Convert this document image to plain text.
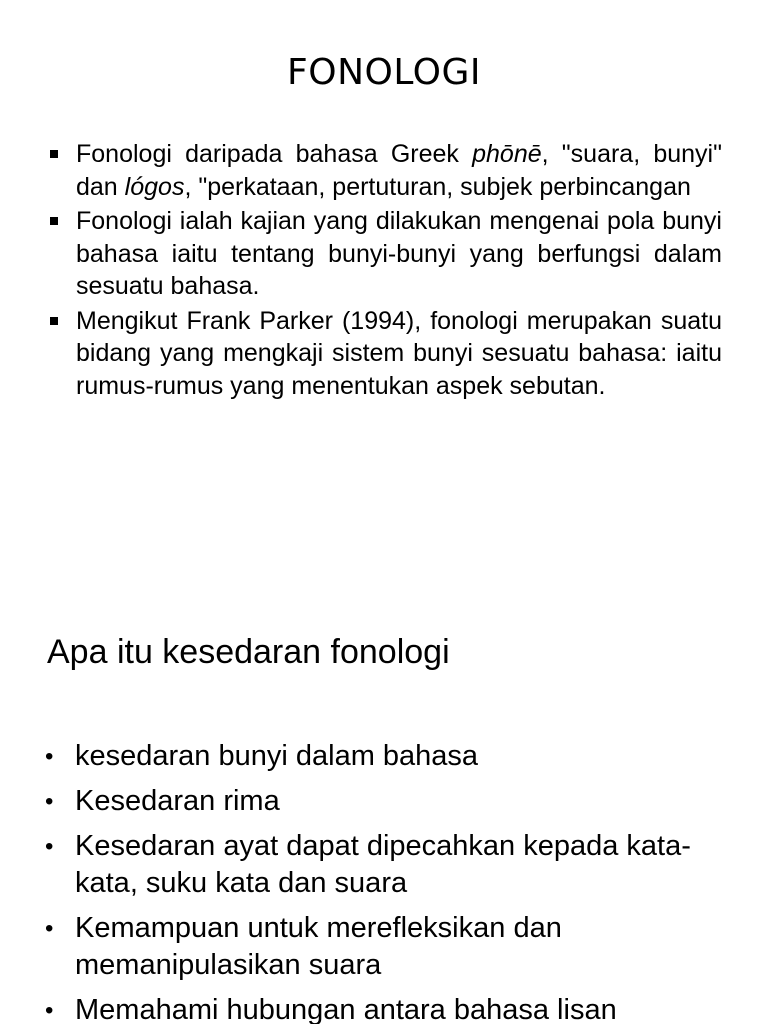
FONOLOGI
Fonologi daripada bahasa Greek phōnē, "suara, bunyi" dan lógos, "perkataan, pertuturan, subjek perbincangan
Fonologi ialah kajian yang dilakukan mengenai pola bunyi bahasa iaitu tentang bunyi-bunyi yang berfungsi dalam sesuatu bahasa.
Mengikut Frank Parker (1994), fonologi merupakan suatu bidang yang mengkaji sistem bunyi sesuatu bahasa: iaitu rumus-rumus yang menentukan aspek sebutan.
Apa itu kesedaran fonologi
• kesedaran bunyi dalam bahasa
• Kesedaran rima
• Kesedaran ayat dapat dipecahkan kepada kata-kata, suku kata dan suara
• Kemampuan untuk merefleksikan dan memanipulasikan suara
• Memahami hubungan antara bahasa lisan
